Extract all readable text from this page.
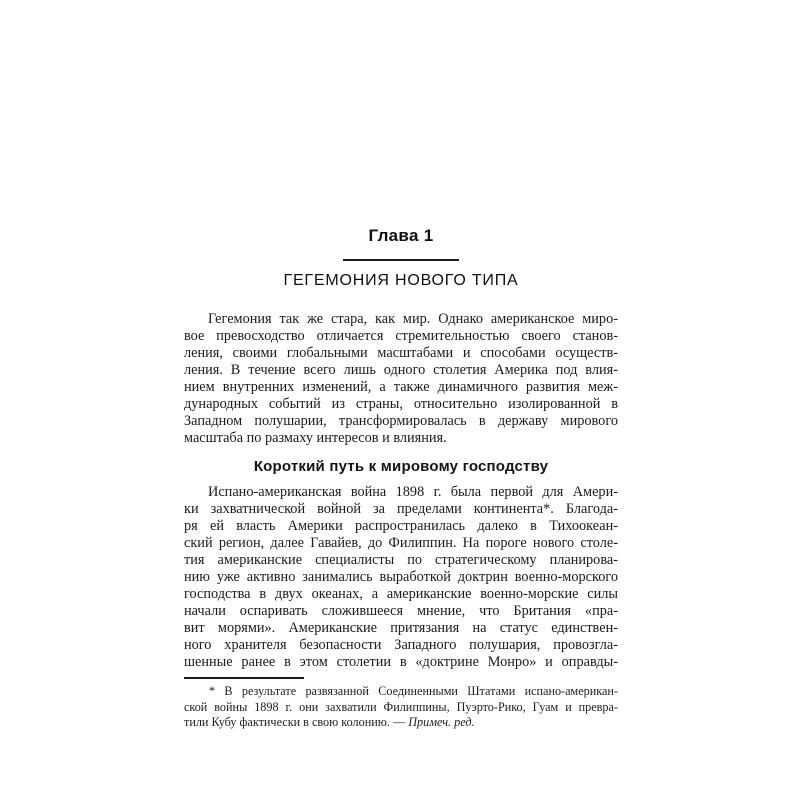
Глава 1
ГЕГЕМОНИЯ НОВОГО ТИПА
Гегемония так же стара, как мир. Однако американское миро-
вое превосходство отличается стремительностью своего станов-
ления, своими глобальными масштабами и способами осуществ-
ления. В течение всего лишь одного столетия Америка под влия-
нием внутренних изменений, а также динамичного развития меж-
дународных событий из страны, относительно изолированной в
Западном полушарии, трансформировалась в державу мирового
масштаба по размаху интересов и влияния.
Короткий путь к мировому господству
Испано-американская война 1898 г. была первой для Амери-
ки захватнической войной за пределами континента*. Благода-
ря ей власть Америки распространилась далеко в Тихоокеан-
ский регион, далее Гавайев, до Филиппин. На пороге нового столе-
тия американские специалисты по стратегическому планирова-
нию уже активно занимались выработкой доктрин военно-морского
господства в двух океанах, а американские военно-морские силы
начали оспаривать сложившееся мнение, что Британия «пра-
вит морями». Американские притязания на статус единствен-
ного хранителя безопасности Западного полушария, провозгла-
шенные ранее в этом столетии в «доктрине Монро» и оправды-
* В результате развязанной Соединенными Штатами испано-американ-
ской войны 1898 г. они захватили Филиппины, Пуэрто-Рико, Гуам и превра-
тили Кубу фактически в свою колонию. — Примеч. ред.
